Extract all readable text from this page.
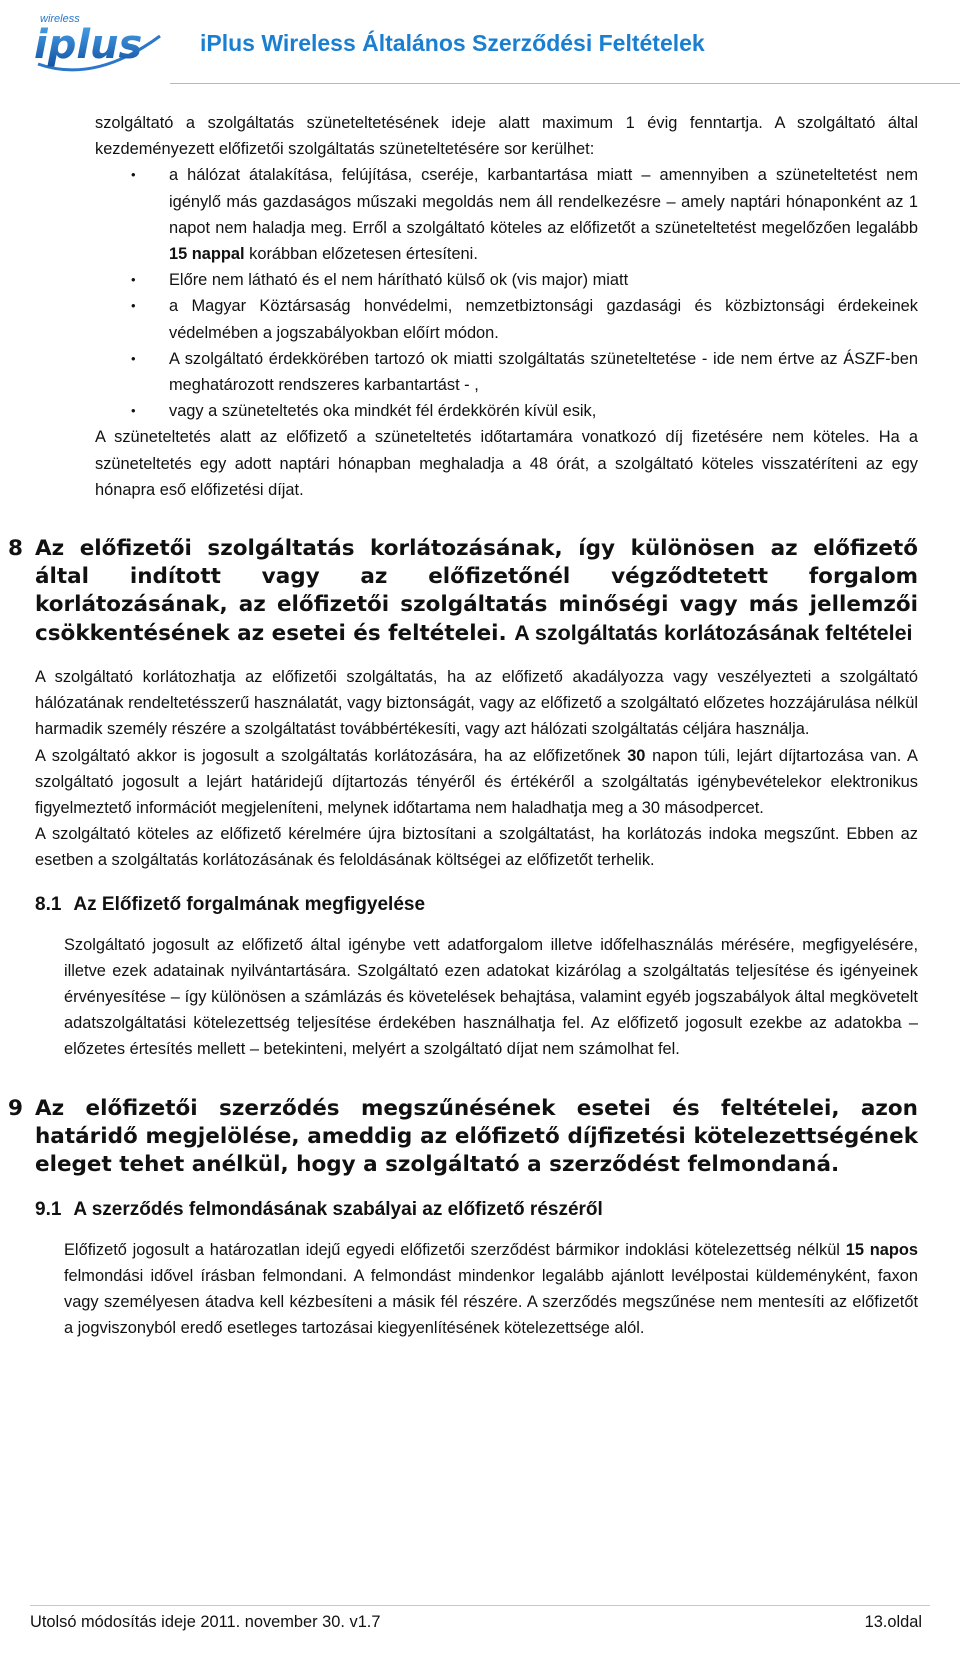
wireless
iplus	iPlus Wireless Általános Szerződési Feltételek

szolgáltató a szolgáltatás szüneteltetésének ideje alatt maximum 1 évig fenntartja. A szolgáltató által kezdeményezett előfizetői szolgáltatás szüneteltetésére sor kerülhet:

• a hálózat átalakítása, felújítása, cseréje, karbantartása miatt – amennyiben a szüneteltetést nem igénylő más gazdaságos műszaki megoldás nem áll rendelkezésre – amely naptári hónaponként az 1 napot nem haladja meg. Erről a szolgáltató köteles az előfizetőt a szüneteltetést megelőzően legalább 15 nappal korábban előzetesen értesíteni.

• Előre nem látható és el nem hárítható külső ok (vis major) miatt

• a Magyar Köztársaság honvédelmi, nemzetbiztonsági gazdasági és közbiztonsági érdekeinek védelmében a jogszabályokban előírt módon.

• A szolgáltató érdekkörében tartozó ok miatti szolgáltatás szüneteltetése - ide nem értve az ÁSZF-ben meghatározott rendszeres karbantartást - ,

• vagy a szüneteltetés oka mindkét fél érdekkörén kívül esik,

A szüneteltetés alatt az előfizető a szüneteltetés időtartamára vonatkozó díj fizetésére nem köteles. Ha a szüneteltetés egy adott naptári hónapban meghaladja a 48 órát, a szolgáltató köteles visszatéríteni az egy hónapra eső előfizetési díjat.

8 Az előfizetői szolgáltatás korlátozásának, így különösen az előfizető által indított vagy az előfizetőnél végződtetett forgalom korlátozásának, az előfizetői szolgáltatás minőségi vagy más jellemzői csökkentésének az esetei és feltételei. A szolgáltatás korlátozásának feltételei

A szolgáltató korlátozhatja az előfizetői szolgáltatás, ha az előfizető akadályozza vagy veszélyezteti a szolgáltató hálózatának rendeltetésszerű használatát, vagy biztonságát, vagy az előfizető a szolgáltató előzetes hozzájárulása nélkül harmadik személy részére a szolgáltatást továbbértékesíti, vagy azt hálózati szolgáltatás céljára használja.

A szolgáltató akkor is jogosult a szolgáltatás korlátozására, ha az előfizetőnek 30 napon túli, lejárt díjtartozása van. A szolgáltató jogosult a lejárt határidejű díjtartozás tényéről és értékéről a szolgáltatás igénybevételekor elektronikus figyelmeztető információt megjeleníteni, melynek időtartama nem haladhatja meg a 30 másodpercet.

A szolgáltató köteles az előfizető kérelmére újra biztosítani a szolgáltatást, ha korlátozás indoka megszűnt. Ebben az esetben a szolgáltatás korlátozásának és feloldásának költségei az előfizetőt terhelik.

8.1 Az Előfizető forgalmának megfigyelése

Szolgáltató jogosult az előfizető által igénybe vett adatforgalom illetve időfelhasználás mérésére, megfigyelésére, illetve ezek adatainak nyilvántartására. Szolgáltató ezen adatokat kizárólag a szolgáltatás teljesítése és igényeinek érvényesítése – így különösen a számlázás és követelések behajtása, valamint egyéb jogszabályok által megkövetelt adatszolgáltatási kötelezettség teljesítése érdekében használhatja fel. Az előfizető jogosult ezekbe az adatokba – előzetes értesítés mellett – betekinteni, melyért a szolgáltató díjat nem számolhat fel.

9 Az előfizetői szerződés megszűnésének esetei és feltételei, azon határidő megjelölése, ameddig az előfizető díjfizetési kötelezettségének eleget tehet anélkül, hogy a szolgáltató a szerződést felmondaná.
9.1 A szerződés felmondásának szabályai az előfizető részéről

Előfizető jogosult a határozatlan idejű egyedi előfizetői szerződést bármikor indoklási kötelezettség nélkül 15 napos felmondási idővel írásban felmondani. A felmondást mindenkor legalább ajánlott levélpostai küldeményként, faxon vagy személyesen átadva kell kézbesíteni a másik fél részére. A szerződés megszűnése nem mentesíti az előfizetőt a jogviszonyból eredő esetleges tartozásai kiegyenlítésének kötelezettsége alól.

Utolsó módosítás ideje 2011. november 30. v1.7	13.oldal
